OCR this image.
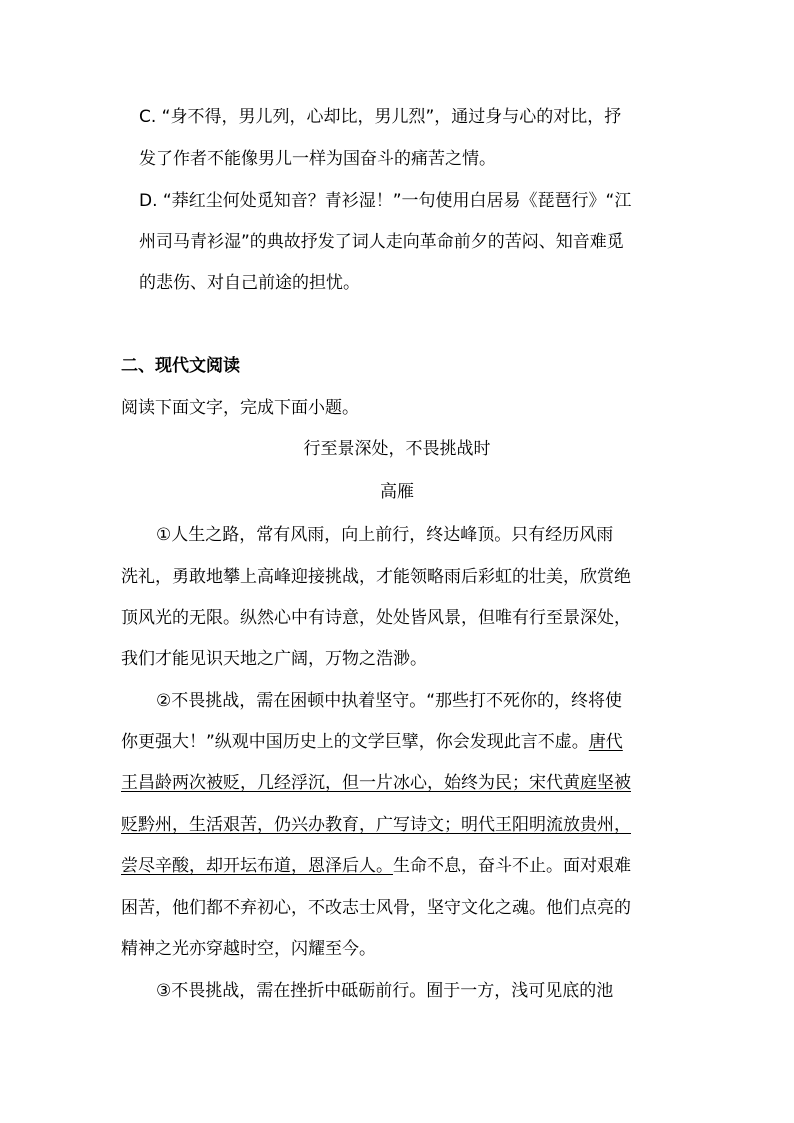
C. “身不得，男儿列，心却比，男儿烈”，通过身与心的对比，抒
发了作者不能像男儿一样为国奋斗的痛苦之情。
D. “莽红尘何处觅知音？青衫湿！”一句使用白居易《琵琶行》“江
州司马青衫湿”的典故抒发了词人走向革命前夕的苦闷、知音难觅
的悲伤、对自己前途的担忧。
二、现代文阅读
阅读下面文字，完成下面小题。
行至景深处，不畏挑战时
高雁
①人生之路，常有风雨，向上前行，终达峰顶。只有经历风雨
洗礼，勇敢地攀上高峰迎接挑战，才能领略雨后彩虹的壮美，欣赏绝
顶风光的无限。纵然心中有诗意，处处皆风景，但唯有行至景深处，
我们才能见识天地之广阔，万物之浩渺。
②不畏挑战，需在困顿中执着坚守。“那些打不死你的，终将使
你更强大！”纵观中国历史上的文学巨擘，你会发现此言不虚。唐代
王昌龄两次被贬，几经浮沉，但一片冰心，始终为民；宋代黄庭坚被
贬黔州，生活艰苦，仍兴办教育，广写诗文；明代王阳明流放贵州，
尝尽辛酸，却开坛布道，恩泽后人。生命不息，奋斗不止。面对艰难
困苦，他们都不弃初心，不改志士风骨，坚守文化之魂。他们点亮的
精神之光亦穿越时空，闪耀至今。
③不畏挑战，需在挫折中砥砺前行。囿于一方，浅可见底的池
